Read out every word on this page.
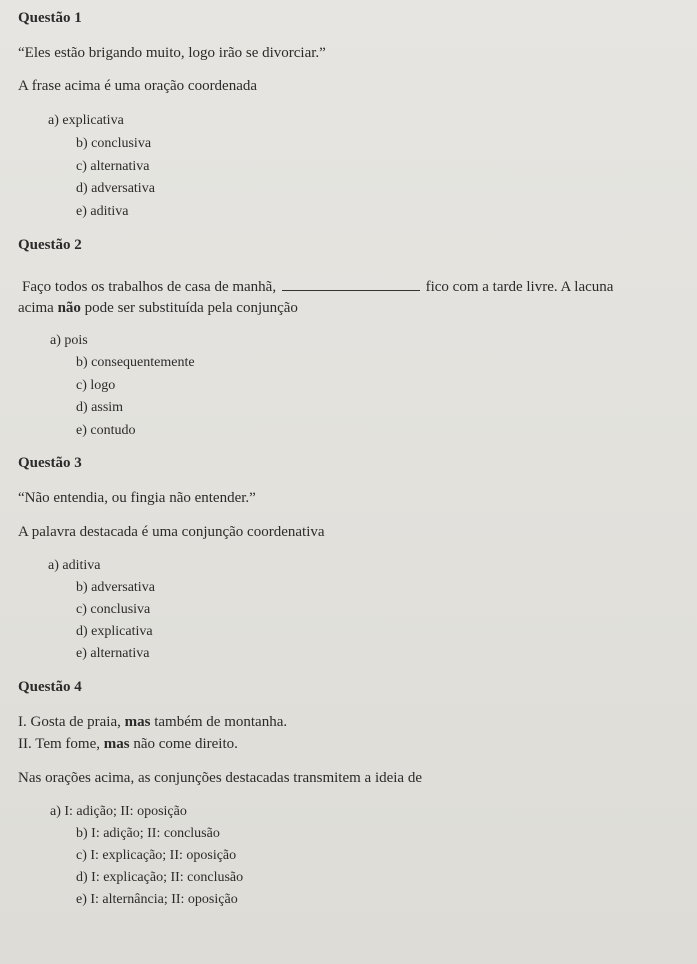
Questão 1
“Eles estão brigando muito, logo irão se divorciar.”
A frase acima é uma oração coordenada
a) explicativa
b) conclusiva
c) alternativa
d) adversativa
e) aditiva
Questão 2
Faço todos os trabalhos de casa de manhã,	fico com a tarde livre. A lacuna
acima não pode ser substituída pela conjunção
a) pois
b) consequentemente
c) logo
d) assim
e) contudo
Questão 3
“Não entendia, ou fingia não entender.”
A palavra destacada é uma conjunção coordenativa
a) aditiva
b) adversativa
c) conclusiva
d) explicativa
e) alternativa
Questão 4
I. Gosta de praia, mas também de montanha.
II. Tem fome, mas não come direito.
Nas orações acima, as conjunções destacadas transmitem a ideia de
a) I: adição; II: oposição
b) I: adição; II: conclusão
c) I: explicação; II: oposição
d) I: explicação; II: conclusão
e) I: alternância; II: oposição
